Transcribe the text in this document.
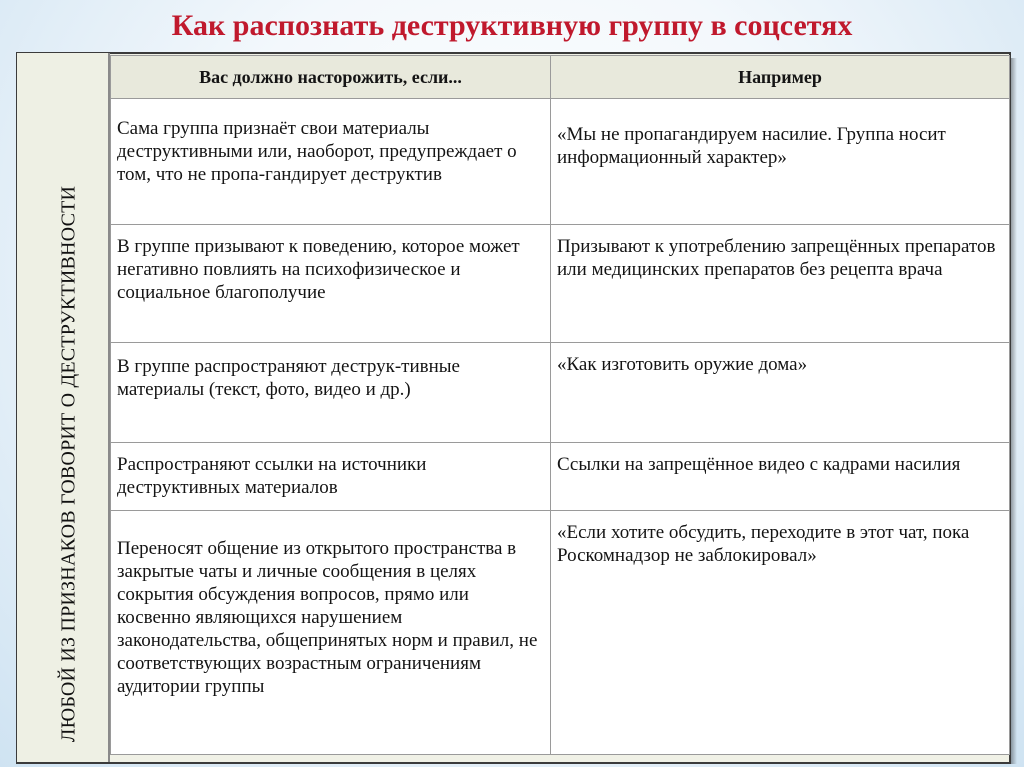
Как распознать деструктивную группу в соцсетях
ЛЮБОЙ ИЗ ПРИЗНАКОВ ГОВОРИТ О ДЕСТРУКТИВНОСТИ
Вас должно насторожить, если...	Например
Сама группа признаёт свои материалы деструктивными или, наоборот, предупреждает о том, что не пропа-гандирует деструктив	«Мы не пропагандируем насилие. Группа носит информационный характер»
В группе призывают к поведению, которое может негативно повлиять на психофизическое и социальное благополучие	Призывают к употреблению запрещённых препаратов или медицинских препаратов без рецепта врача
В группе распространяют деструк-тивные материалы (текст, фото, видео и др.)	«Как изготовить оружие дома»
Распространяют ссылки на источники деструктивных материалов	Ссылки на запрещённое видео с кадрами насилия
Переносят общение из открытого пространства в закрытые чаты и личные сообщения в целях сокрытия обсуждения вопросов, прямо или косвенно являющихся нарушением законодательства, общепринятых норм и правил, не соответствующих возрастным ограничениям аудитории группы	«Если хотите обсудить, переходите в этот чат, пока Роскомнадзор не заблокировал»
